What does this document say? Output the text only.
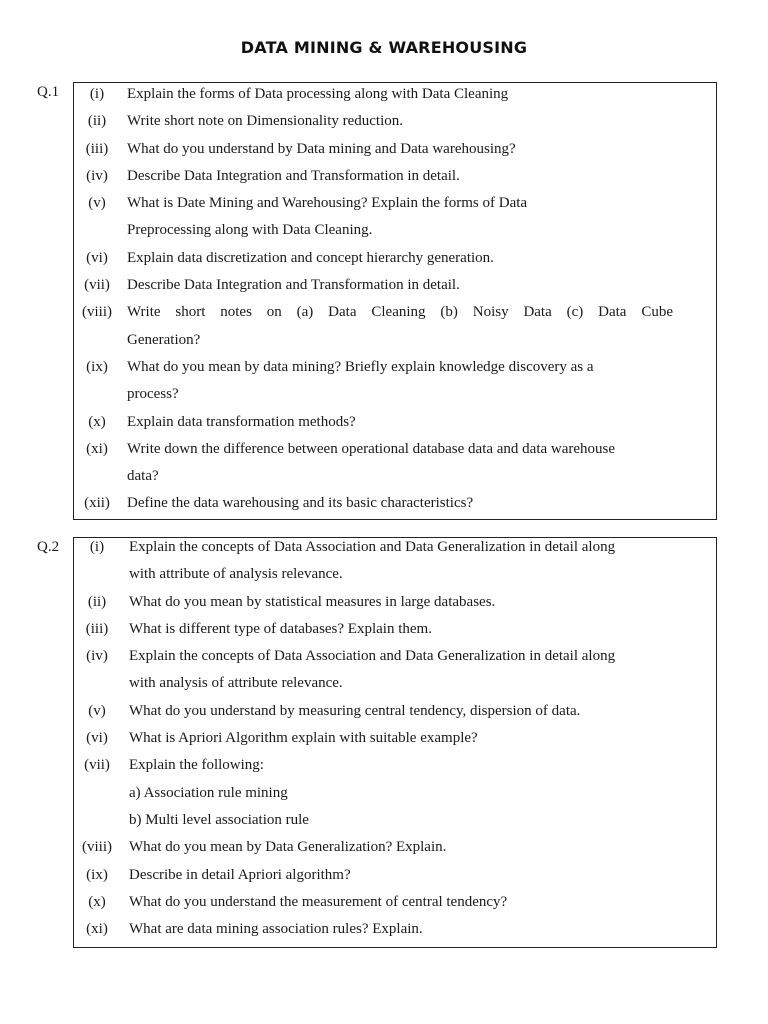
DATA MINING & WAREHOUSING
Q.1	(i)	Explain the forms of Data processing along with Data Cleaning
(ii)	Write short note on Dimensionality reduction.
(iii)	What do you understand by Data mining and Data warehousing?
(iv)	Describe Data Integration and Transformation in detail.
(v)	What is Date Mining and Warehousing? Explain the forms of Data
Preprocessing along with Data Cleaning.
(vi)	Explain data discretization and concept hierarchy generation.
(vii)	Describe Data Integration and Transformation in detail.
(viii)	Write short notes on (a) Data Cleaning (b) Noisy Data (c) Data Cube
Generation?
(ix)	What do you mean by data mining? Briefly explain knowledge discovery as a
process?
(x)	Explain data transformation methods?
(xi)	Write down the difference between operational database data and data warehouse
data?
(xii)	Define the data warehousing and its basic characteristics?
Q.2	(i)	Explain the concepts of Data Association and Data Generalization in detail along
with attribute of analysis relevance.
(ii)	What do you mean by statistical measures in large databases.
(iii)	What is different type of databases? Explain them.
(iv)	Explain the concepts of Data Association and Data Generalization in detail along
with analysis of attribute relevance.
(v)	What do you understand by measuring central tendency, dispersion of data.
(vi)	What is Apriori Algorithm explain with suitable example?
(vii)	Explain the following:
a) Association rule mining
b) Multi level association rule
(viii)	What do you mean by Data Generalization? Explain.
(ix)	Describe in detail Apriori algorithm?
(x)	What do you understand the measurement of central tendency?
(xi)	What are data mining association rules? Explain.
